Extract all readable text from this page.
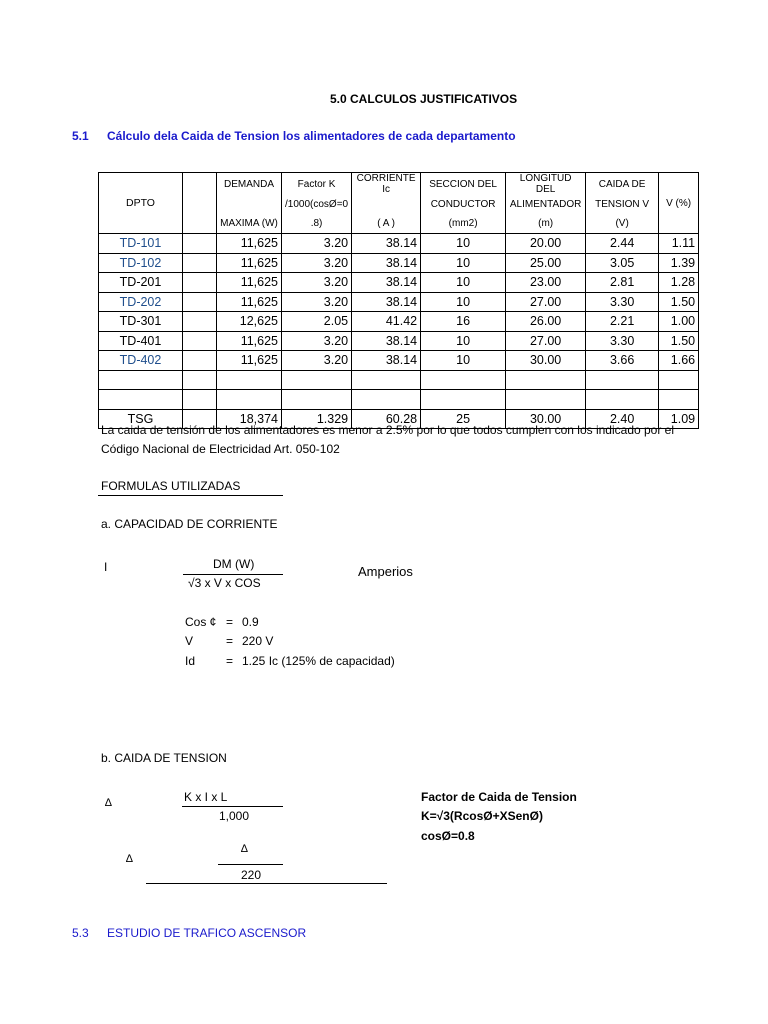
5.0 CALCULOS JUSTIFICATIVOS
5.1 Cálculo dela Caida de Tension los alimentadores de cada departamento
DPTO		DEMANDA	Factor K	CORRIENTE Ic	SECCION DEL	LONGITUD DEL	CAIDA DE	V (%)
			/1000(cosØ=0		CONDUCTOR	ALIMENTADOR	TENSION V	
		MAXIMA (W)	.8)	( A )	(mm2)	(m)	(V)	
TD-101		11,625	3.20	38.14	10	20.00	2.44	1.11
TD-102		11,625	3.20	38.14	10	25.00	3.05	1.39
TD-201		11,625	3.20	38.14	10	23.00	2.81	1.28
TD-202		11,625	3.20	38.14	10	27.00	3.30	1.50
TD-301		12,625	2.05	41.42	16	26.00	2.21	1.00
TD-401		11,625	3.20	38.14	10	27.00	3.30	1.50
TD-402		11,625	3.20	38.14	10	30.00	3.66	1.66

TSG		18,374	1.329	60.28	25	30.00	2.40	1.09
La caida de tensión de los alimentadores es menor a 2.5% por lo que todos cumplen con los indicado por el
Código Nacional de Electricidad Art. 050-102
FORMULAS UTILIZADAS
a. CAPACIDAD DE CORRIENTE
I	DM (W)
√3 x V x COS
Amperios
Cos ¢ = 0.9
V	= 220 V
Id	= 1.25 Ic (125% de capacidad)
b. CAIDA DE TENSION
∆	K x I x L
1,000
∆
∆
220
Factor de Caida de Tension
K=√3(RcosØ+XSenØ)
cosØ=0.8
5.3 ESTUDIO DE TRAFICO ASCENSOR
